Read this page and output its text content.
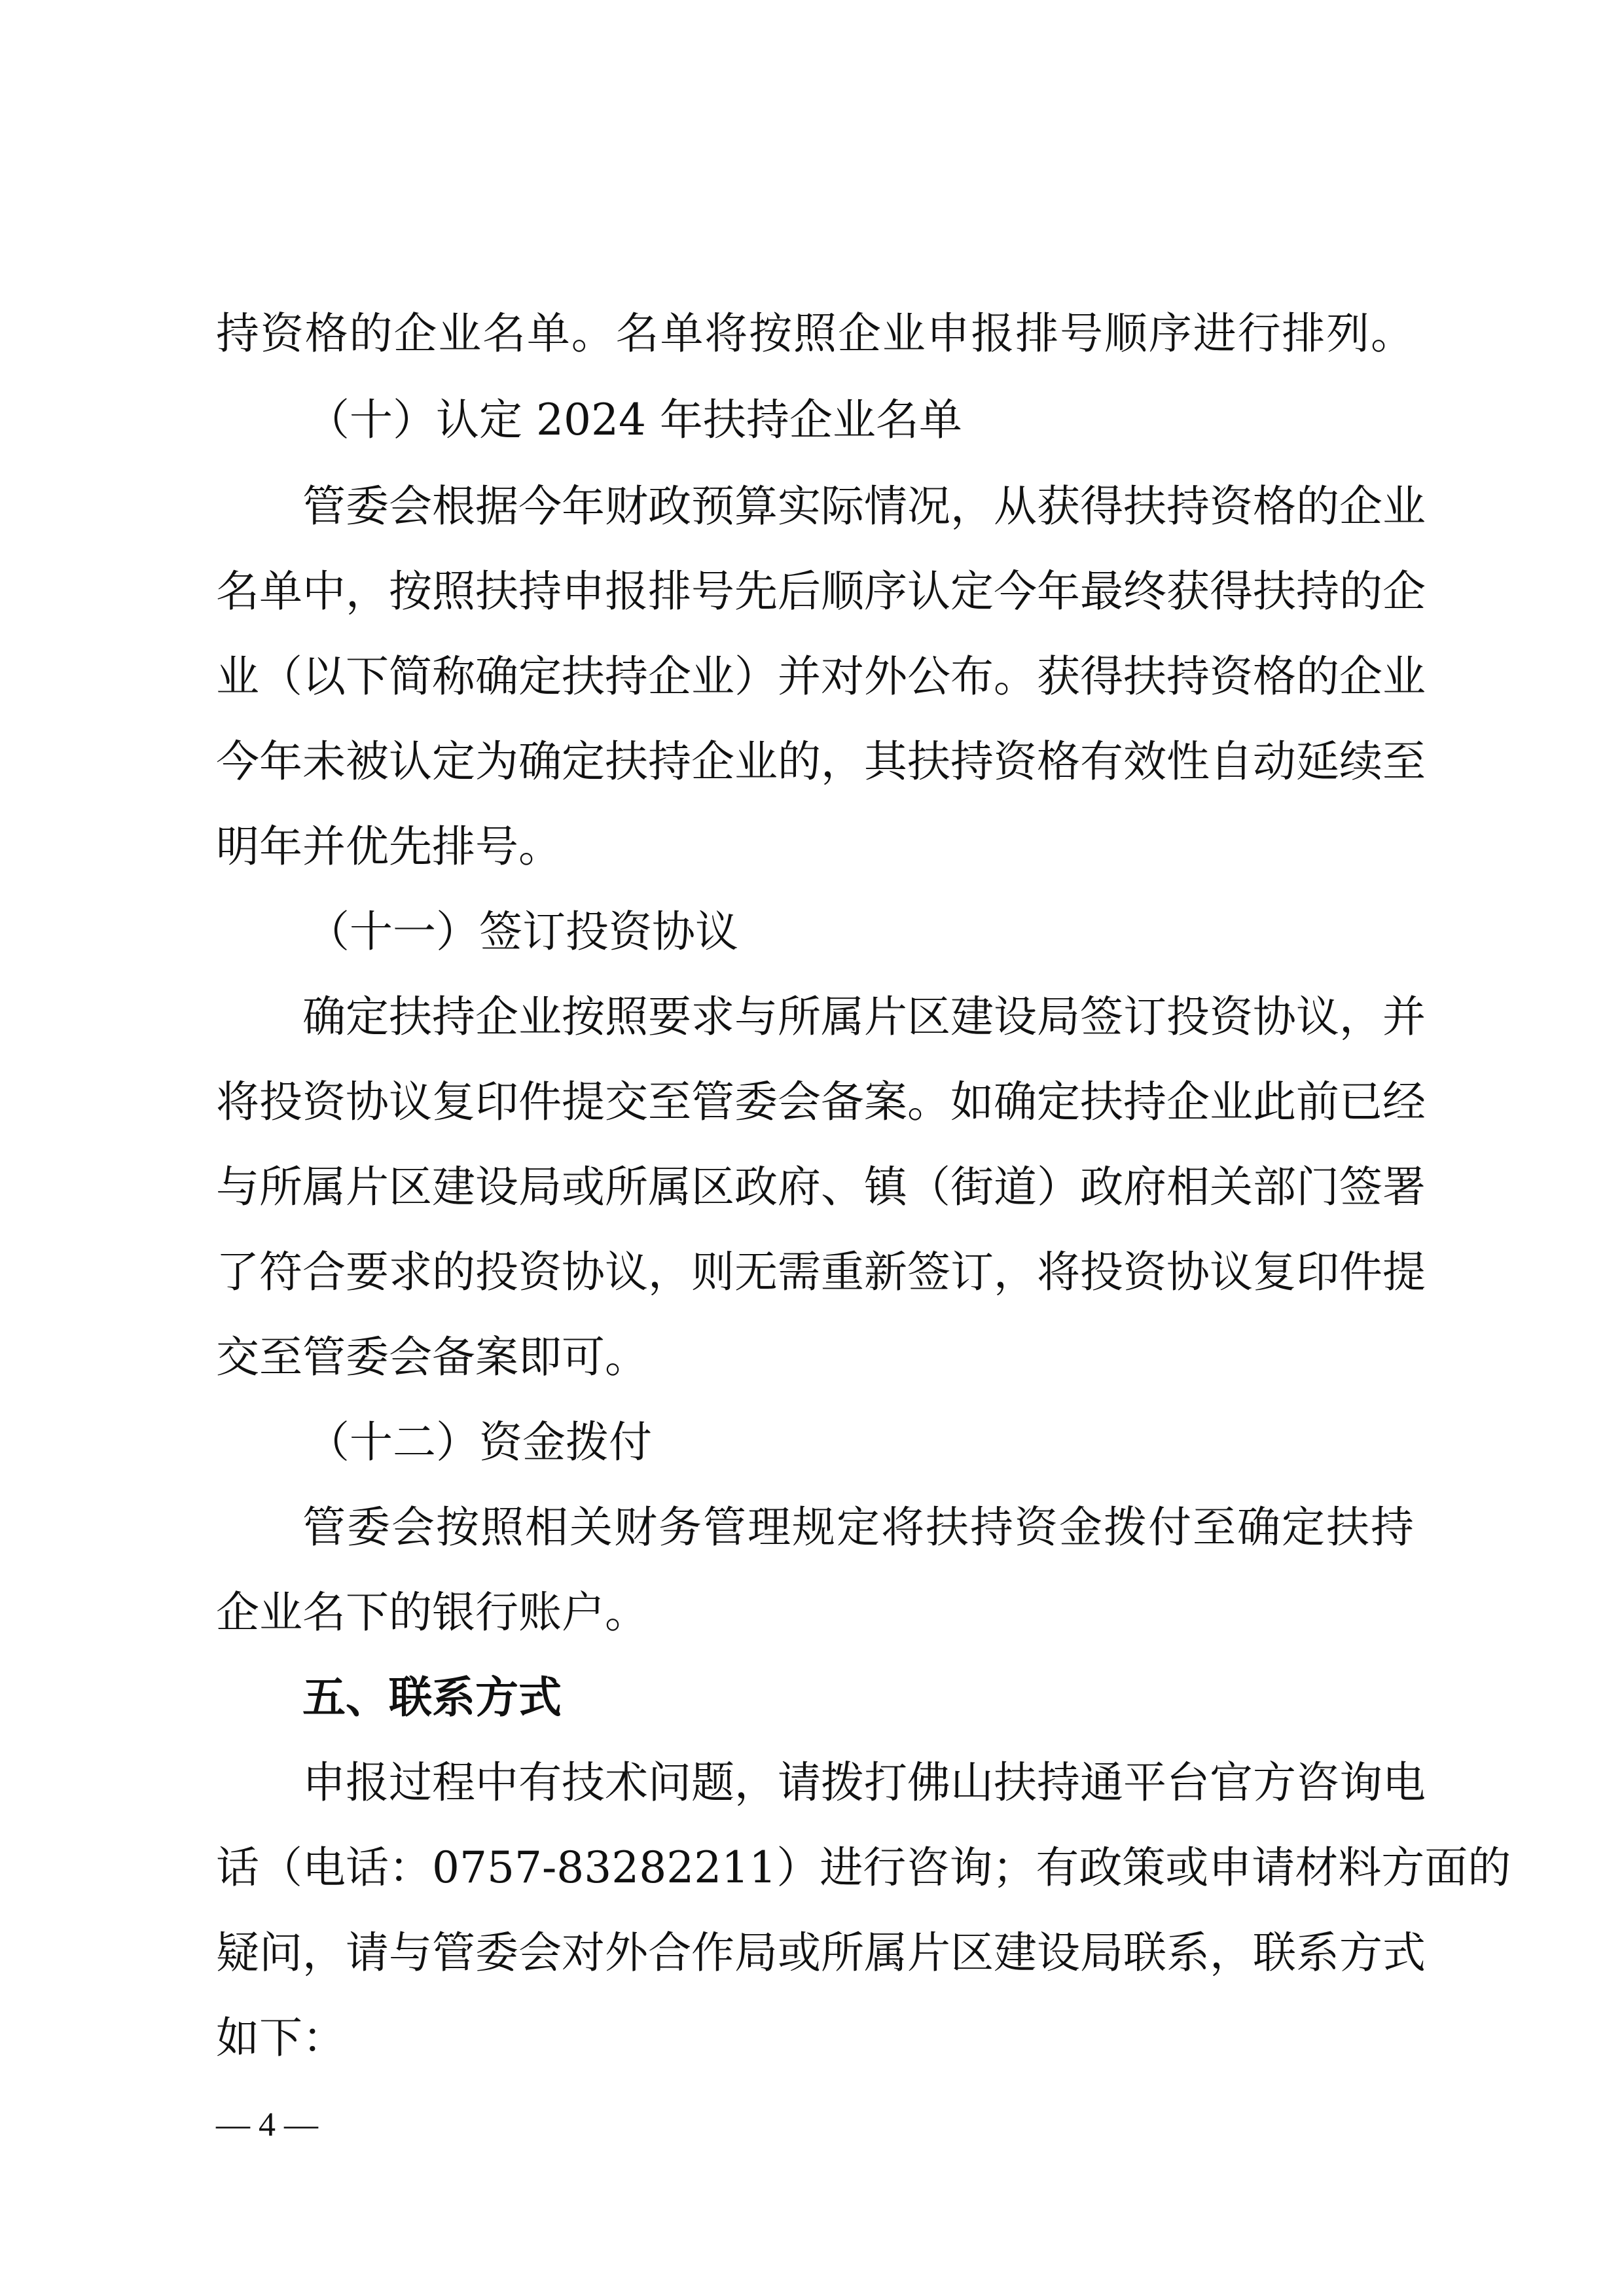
持资格的企业名单。名单将按照企业申报排号顺序进行排列。
（十）认定 2024 年扶持企业名单
管委会根据今年财政预算实际情况，从获得扶持资格的企业
名单中，按照扶持申报排号先后顺序认定今年最终获得扶持的企
业（以下简称确定扶持企业）并对外公布。获得扶持资格的企业
今年未被认定为确定扶持企业的，其扶持资格有效性自动延续至
明年并优先排号。
（十一）签订投资协议
确定扶持企业按照要求与所属片区建设局签订投资协议，并
将投资协议复印件提交至管委会备案。如确定扶持企业此前已经
与所属片区建设局或所属区政府、镇（街道）政府相关部门签署
了符合要求的投资协议，则无需重新签订，将投资协议复印件提
交至管委会备案即可。
（十二）资金拨付
管委会按照相关财务管理规定将扶持资金拨付至确定扶持
企业名下的银行账户。
五、联系方式
申报过程中有技术问题，请拨打佛山扶持通平台官方咨询电
话（电话：0757-83282211）进行咨询；有政策或申请材料方面的
疑问，请与管委会对外合作局或所属片区建设局联系，联系方式
如下：
— 4 —
